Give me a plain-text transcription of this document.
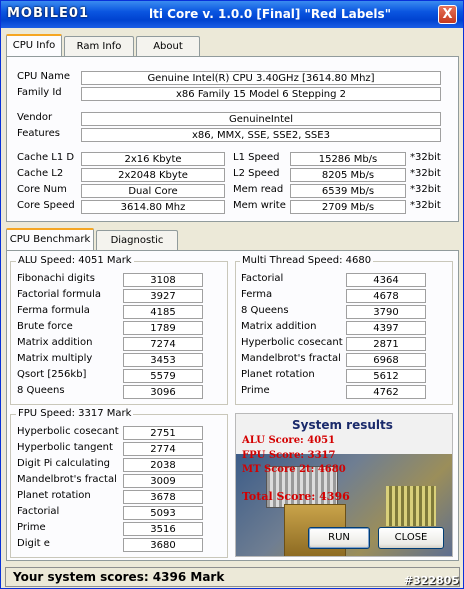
MOBILE01	lti Core v. 1.0.0 [Final] "Red Labels"	X
CPU Info	Ram Info	About
CPU Name	Genuine Intel(R) CPU 3.40GHz [3614.80 Mhz]
Family Id	x86 Family 15 Model 6 Stepping 2
Vendor	GenuineIntel
Features	x86, MMX, SSE, SSE2, SSE3
Cache L1 D	2x16 Kbyte
Cache L2	2x2048 Kbyte
Core Num	Dual Core
Core Speed	3614.80 Mhz
L1 Speed	15286 Mb/s	*32bit
L2 Speed	8205 Mb/s	*32bit
Mem read	6539 Mb/s	*32bit
Mem write	2709 Mb/s	*32bit
CPU Benchmark	Diagnostic
ALU Speed: 4051 Mark
Fibonachi digits	3108
Factorial formula	3927
Ferma formula	4185
Brute force	1789
Matrix addition	7274
Matrix multiply	3453
Qsort [256kb]	5579
8 Queens	3096
Multi Thread Speed: 4680
Factorial	4364
Ferma	4678
8 Queens	3790
Matrix addition	4397
Hyperbolic cosecant	2871
Mandelbrot's fractal	6968
Planet rotation	5612
Prime	4762
FPU Speed: 3317 Mark
Hyperbolic cosecant	2751
Hyperbolic tangent	2774
Digit Pi calculating	2038
Mandelbrot's fractal	3009
Planet rotation	3678
Factorial	5093
Prime	3516
Digit e	3680
System results
ALU Score: 4051
FPU Score: 3317
MT Score 2t: 4680
Total Score: 4396
RUN	CLOSE
Your system scores: 4396 Mark	#322805
